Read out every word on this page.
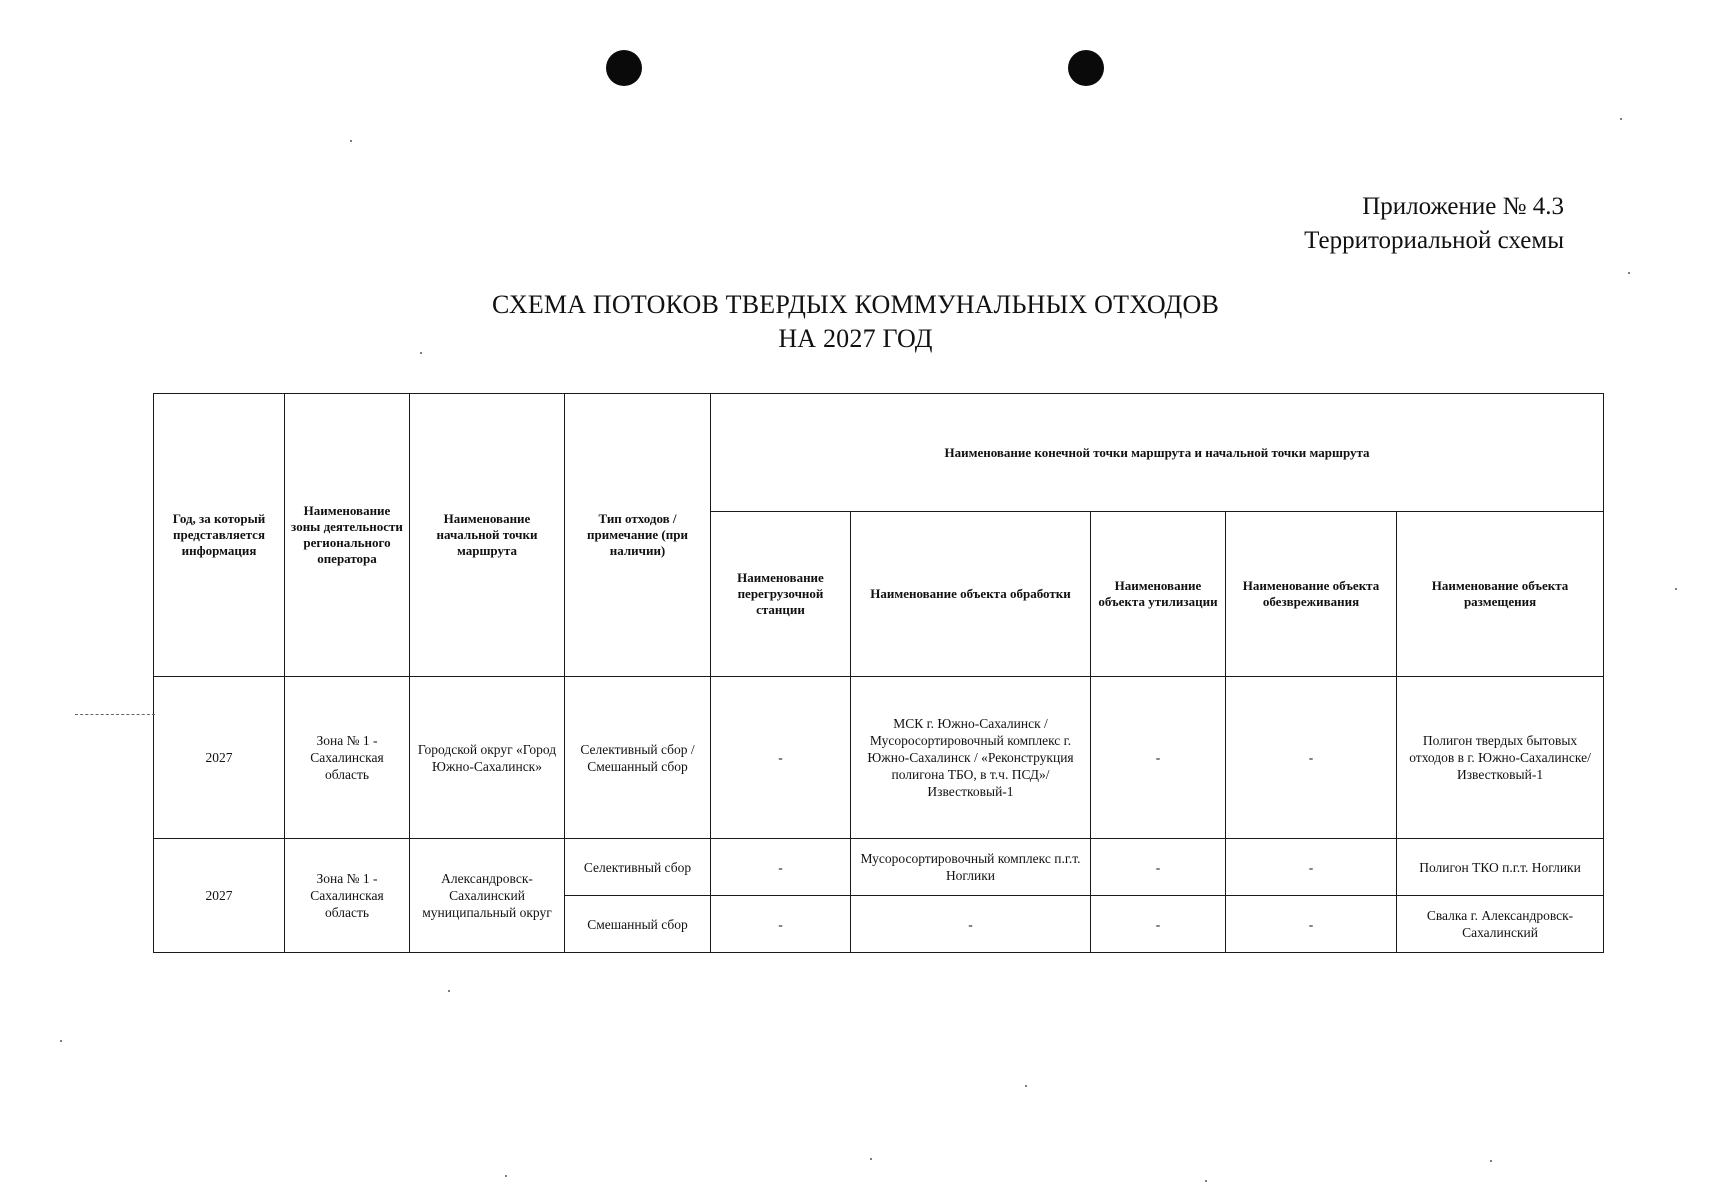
Приложение № 4.3
Территориальной схемы
СХЕМА ПОТОКОВ ТВЕРДЫХ КОММУНАЛЬНЫХ ОТХОДОВ
НА 2027 ГОД
Год, за который представляется информация	Наименование зоны деятельности регионального оператора	Наименование начальной точки маршрута	Тип отходов / примечание (при наличии)	Наименование конечной точки маршрута и начальной точки маршрута				
				Наименование перегрузочной станции	Наименование объекта обработки	Наименование объекта утилизации	Наименование объекта обезвреживания	Наименование объекта размещения
2027	Зона № 1 - Сахалинская область	Городской округ «Город Южно-Сахалинск»	Селективный сбор / Смешанный сбор	-	МСК г. Южно-Сахалинск / Мусоросортировочный комплекс г. Южно-Сахалинск / «Реконструкция полигона ТБО, в т.ч. ПСД»/Известковый-1	-	-	Полигон твердых бытовых отходов в г. Южно-Сахалинске/Известковый-1
2027	Зона № 1 - Сахалинская область	Александровск-Сахалинский муниципальный округ	Селективный сбор	-	Мусоросортировочный комплекс п.г.т. Ноглики	-	-	Полигон ТКО п.г.т. Ноглики
			Смешанный сбор	-	-	-	-	Свалка г. Александровск-Сахалинский
